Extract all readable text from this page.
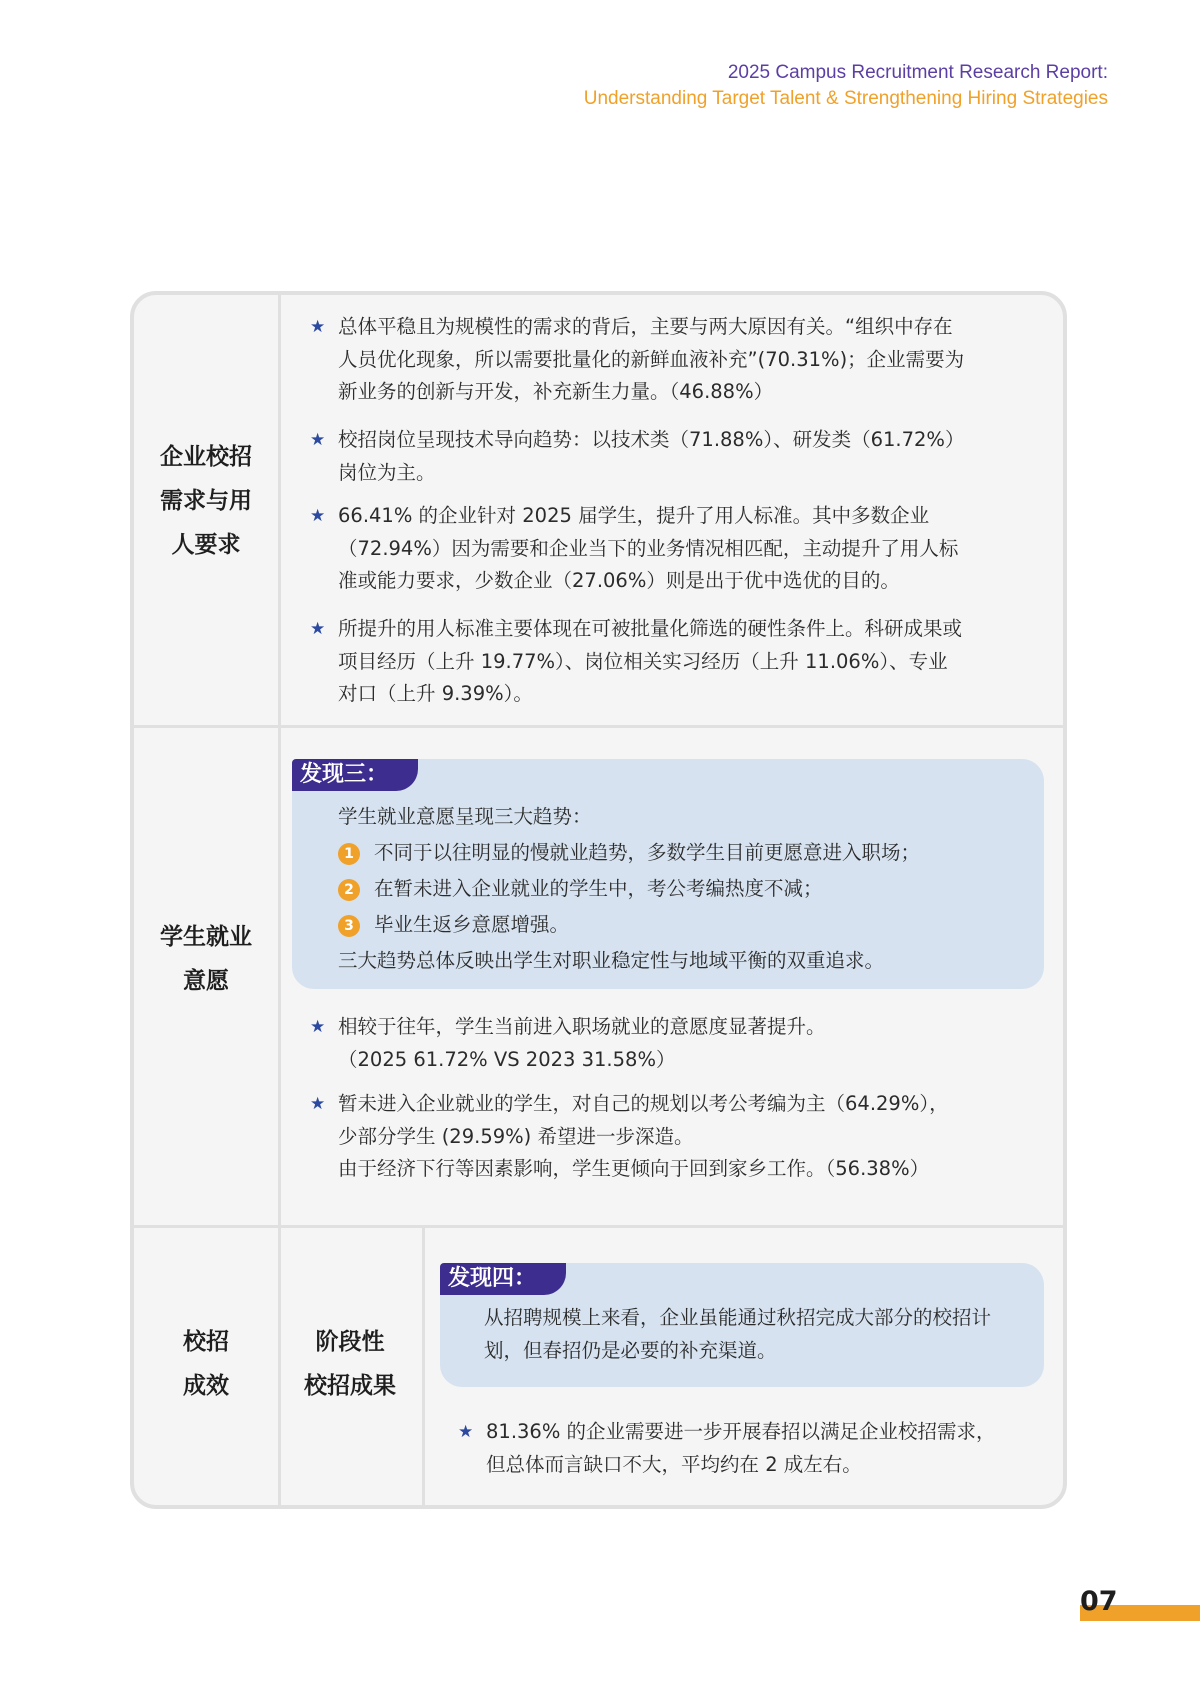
2025 Campus Recruitment Research Report:
Understanding Target Talent & Strengthening Hiring Strategies
企业校招
需求与用
人要求
★ 总体平稳且为规模性的需求的背后，主要与两大原因有关。“组织中存在
人员优化现象，所以需要批量化的新鲜血液补充”(70.31%)；企业需要为
新业务的创新与开发，补充新生力量。（46.88%）
★ 校招岗位呈现技术导向趋势：以技术类（71.88%）、研发类（61.72%）
岗位为主。
★ 66.41% 的企业针对 2025 届学生，提升了用人标准。其中多数企业
（72.94%）因为需要和企业当下的业务情况相匹配，主动提升了用人标
准或能力要求，少数企业（27.06%）则是出于优中选优的目的。
★ 所提升的用人标准主要体现在可被批量化筛选的硬性条件上。科研成果或
项目经历（上升 19.77%）、岗位相关实习经历（上升 11.06%）、专业
对口（上升 9.39%）。
学生就业
意愿
发现三：
学生就业意愿呈现三大趋势：
1 不同于以往明显的慢就业趋势，多数学生目前更愿意进入职场；
2 在暂未进入企业就业的学生中，考公考编热度不减；
3 毕业生返乡意愿增强。
三大趋势总体反映出学生对职业稳定性与地域平衡的双重追求。
★ 相较于往年，学生当前进入职场就业的意愿度显著提升。
（2025 61.72% VS 2023 31.58%）
★ 暂未进入企业就业的学生，对自己的规划以考公考编为主（64.29%），
少部分学生 (29.59%) 希望进一步深造。
由于经济下行等因素影响，学生更倾向于回到家乡工作。（56.38%）
校招
成效
阶段性
校招成果
发现四：
从招聘规模上来看，企业虽能通过秋招完成大部分的校招计
划，但春招仍是必要的补充渠道。
★ 81.36% 的企业需要进一步开展春招以满足企业校招需求，
但总体而言缺口不大，平均约在 2 成左右。
07
